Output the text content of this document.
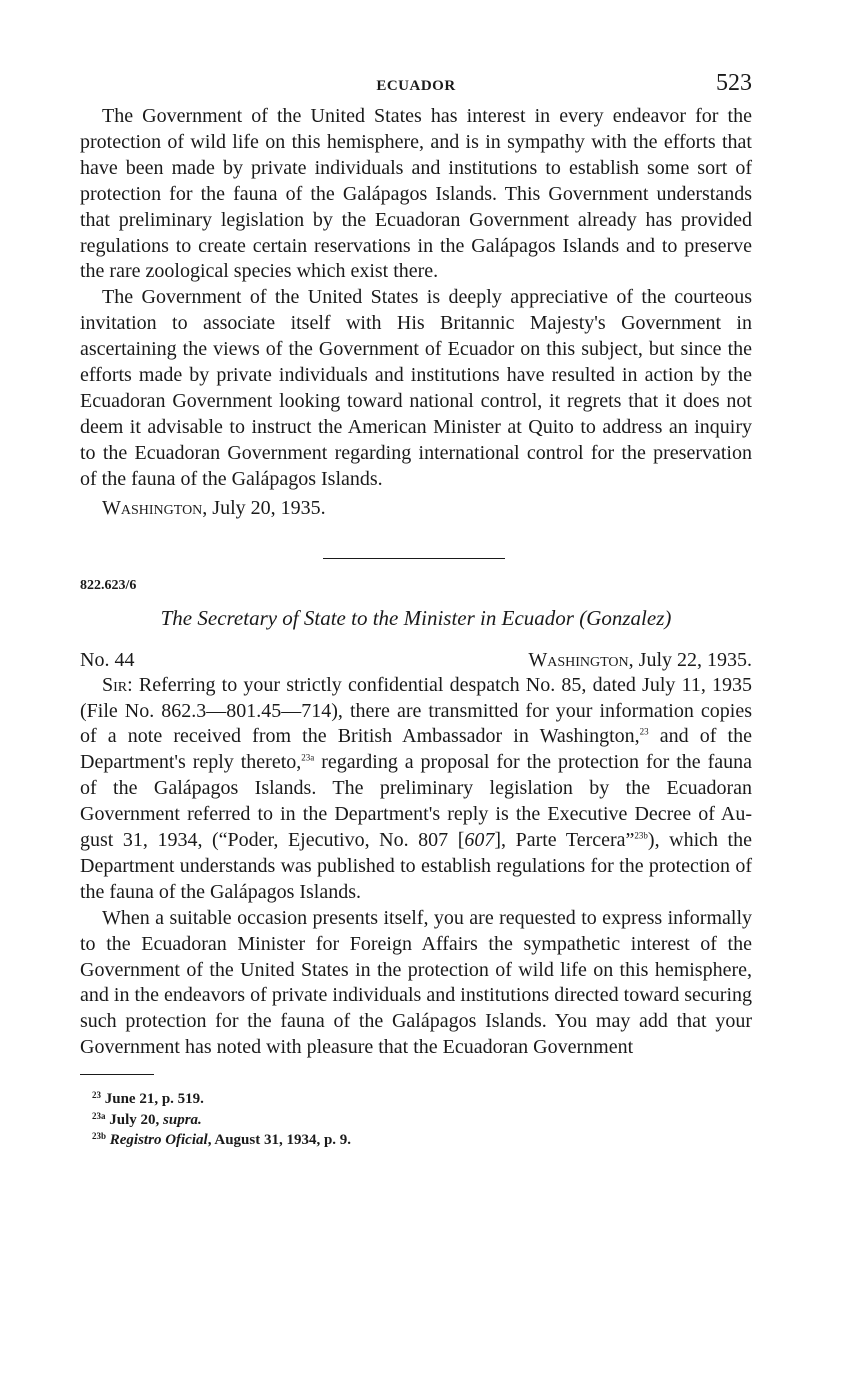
ECUADOR	523

The Government of the United States has interest in every endeavor for the protection of wild life on this hemisphere, and is in sympathy with the efforts that have been made by private individuals and institutions to establish some sort of protection for the fauna of the Galápagos Islands. This Government understands that preliminary legislation by the Ecuadoran Government already has provided regulations to create certain reservations in the Galápagos Islands and to preserve the rare zoological species which exist there.

The Government of the United States is deeply appreciative of the courteous invitation to associate itself with His Britannic Majesty's Government in ascertaining the views of the Government of Ecuador on this subject, but since the efforts made by private individuals and institutions have resulted in action by the Ecuadoran Government looking toward national control, it regrets that it does not deem it advisable to instruct the American Minister at Quito to address an inquiry to the Ecuadoran Government regarding international control for the preservation of the fauna of the Galápagos Islands.

Washington, July 20, 1935.
822.623/6
The Secretary of State to the Minister in Ecuador (Gonzalez)
No. 44	Washington, July 22, 1935.

Sir: Referring to your strictly confidential despatch No. 85, dated July 11, 1935 (File No. 862.3—801.45—714), there are transmitted for your information copies of a note received from the British Ambassador in Washington,$^{23}$ and of the Department's reply thereto,$^{23a}$ regarding a proposal for the protection for the fauna of the Galápagos Islands. The preliminary legislation by the Ecuadoran Government referred to in the Department's reply is the Executive Decree of August 31, 1934, (“Poder, Ejecutivo, No. 807 [607], Parte Tercera”$^{23b}$), which the Department understands was published to establish regulations for the protection of the fauna of the Galápagos Islands.

When a suitable occasion presents itself, you are requested to express informally to the Ecuadoran Minister for Foreign Affairs the sympathetic interest of the Government of the United States in the protection of wild life on this hemisphere, and in the endeavors of private individuals and institutions directed toward securing such protection for the fauna of the Galápagos Islands. You may add that your Government has noted with pleasure that the Ecuadoran Government

$^{23}$ June 21, p. 519.
$^{23a}$ July 20, supra.
$^{23b}$ Registro Oficial, August 31, 1934, p. 9.
